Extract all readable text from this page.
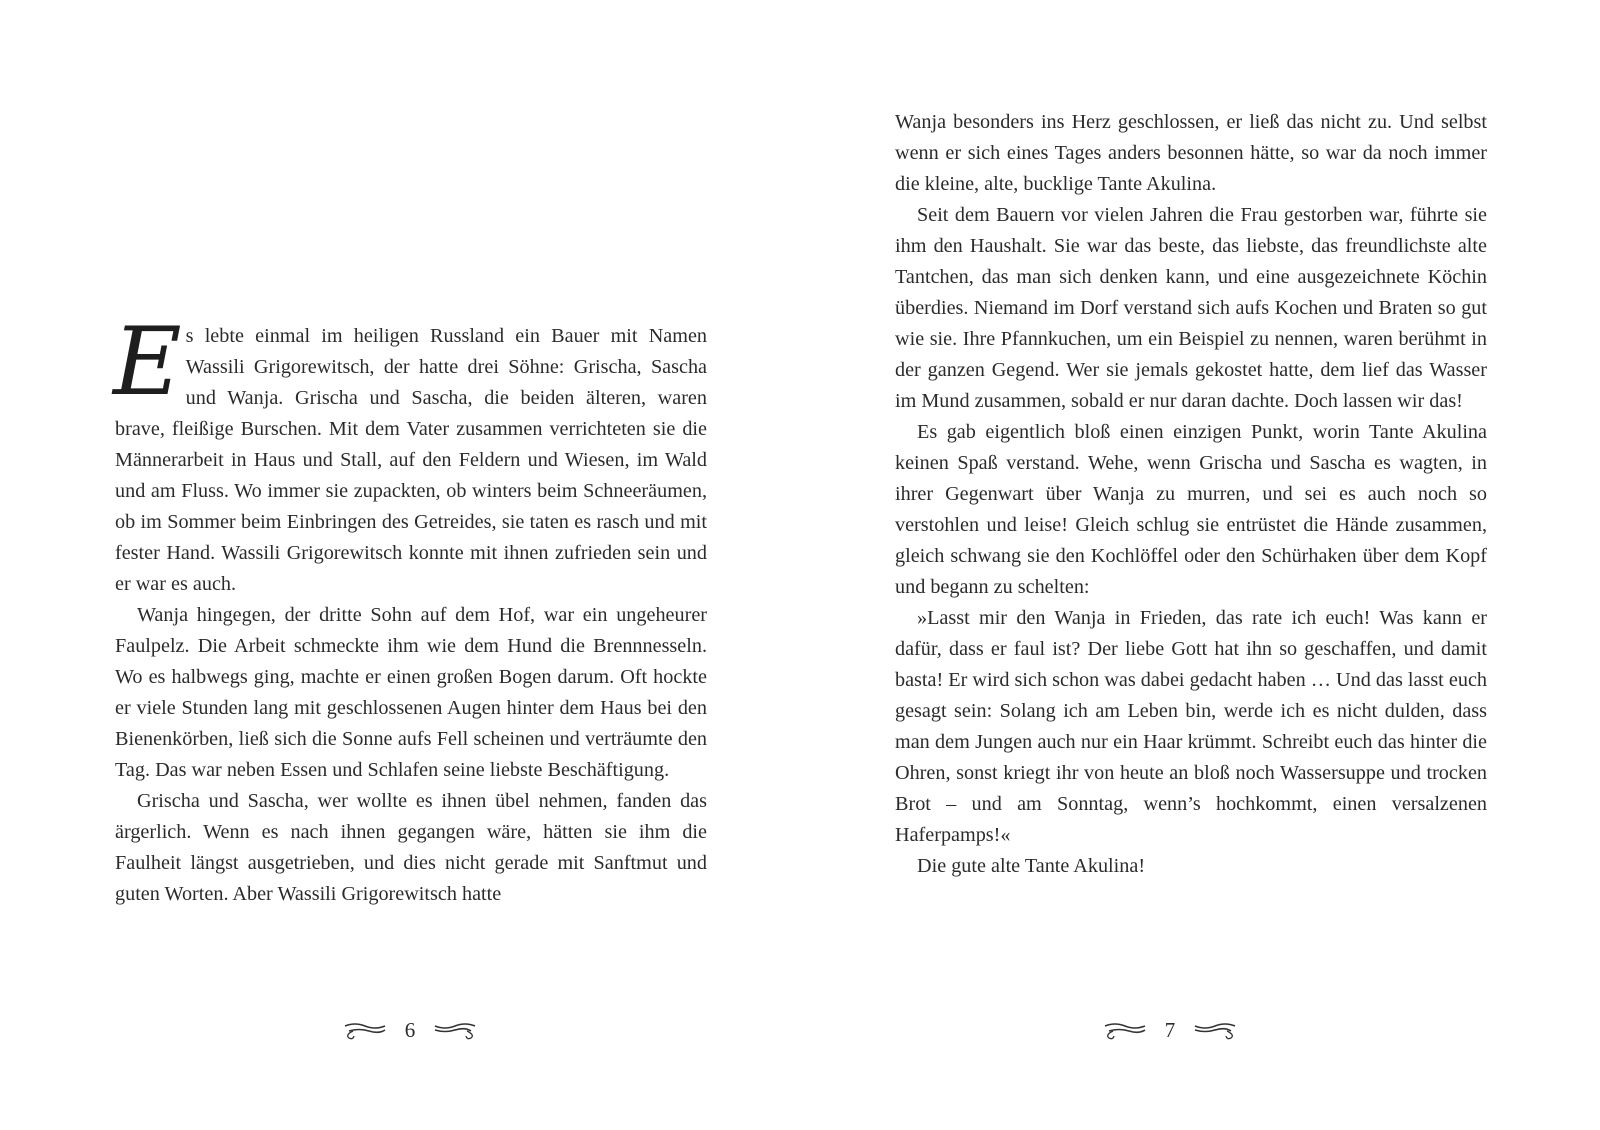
Es lebte einmal im heiligen Russland ein Bauer mit Namen Wassili Grigorewitsch, der hatte drei Söhne: Grischa, Sascha und Wanja. Grischa und Sascha, die beiden älteren, waren brave, fleißige Burschen. Mit dem Vater zusammen verrichteten sie die Männerarbeit in Haus und Stall, auf den Feldern und Wiesen, im Wald und am Fluss. Wo immer sie zupackten, ob winters beim Schneeräumen, ob im Sommer beim Einbringen des Getreides, sie taten es rasch und mit fester Hand. Wassili Grigorewitsch konnte mit ihnen zufrieden sein und er war es auch.

Wanja hingegen, der dritte Sohn auf dem Hof, war ein ungeheurer Faulpelz. Die Arbeit schmeckte ihm wie dem Hund die Brennnesseln. Wo es halbwegs ging, machte er einen großen Bogen darum. Oft hockte er viele Stunden lang mit geschlossenen Augen hinter dem Haus bei den Bienenkörben, ließ sich die Sonne aufs Fell scheinen und verträumte den Tag. Das war neben Essen und Schlafen seine liebste Beschäftigung.

Grischa und Sascha, wer wollte es ihnen übel nehmen, fanden das ärgerlich. Wenn es nach ihnen gegangen wäre, hätten sie ihm die Faulheit längst ausgetrieben, und dies nicht gerade mit Sanftmut und guten Worten. Aber Wassili Grigorewitsch hatte

6

Wanja besonders ins Herz geschlossen, er ließ das nicht zu. Und selbst wenn er sich eines Tages anders besonnen hätte, so war da noch immer die kleine, alte, bucklige Tante Akulina.

Seit dem Bauern vor vielen Jahren die Frau gestorben war, führte sie ihm den Haushalt. Sie war das beste, das liebste, das freundlichste alte Tantchen, das man sich denken kann, und eine ausgezeichnete Köchin überdies. Niemand im Dorf verstand sich aufs Kochen und Braten so gut wie sie. Ihre Pfannkuchen, um ein Beispiel zu nennen, waren berühmt in der ganzen Gegend. Wer sie jemals gekostet hatte, dem lief das Wasser im Mund zusammen, sobald er nur daran dachte. Doch lassen wir das!

Es gab eigentlich bloß einen einzigen Punkt, worin Tante Akulina keinen Spaß verstand. Wehe, wenn Grischa und Sascha es wagten, in ihrer Gegenwart über Wanja zu murren, und sei es auch noch so verstohlen und leise! Gleich schlug sie entrüstet die Hände zusammen, gleich schwang sie den Kochlöffel oder den Schürhaken über dem Kopf und begann zu schelten:

»Lasst mir den Wanja in Frieden, das rate ich euch! Was kann er dafür, dass er faul ist? Der liebe Gott hat ihn so geschaffen, und damit basta! Er wird sich schon was dabei gedacht haben … Und das lasst euch gesagt sein: Solang ich am Leben bin, werde ich es nicht dulden, dass man dem Jungen auch nur ein Haar krümmt. Schreibt euch das hinter die Ohren, sonst kriegt ihr von heute an bloß noch Wassersuppe und trocken Brot – und am Sonntag, wenn’s hochkommt, einen versalzenen Haferpamps!«

Die gute alte Tante Akulina!

7
